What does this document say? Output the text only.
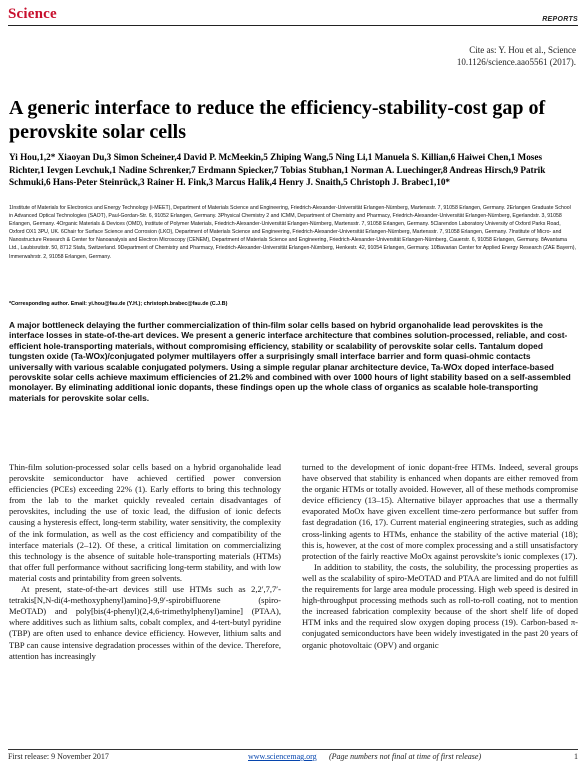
Science	REPORTS
Cite as: Y. Hou et al., Science
10.1126/science.aao5561 (2017).
A generic interface to reduce the efficiency-stability-cost gap of perovskite solar cells
Yi Hou,1,2* Xiaoyan Du,3 Simon Scheiner,4 David P. McMeekin,5 Zhiping Wang,5 Ning Li,1 Manuela S. Killian,6 Haiwei Chen,1 Moses Richter,1 Ievgen Levchuk,1 Nadine Schrenker,7 Erdmann Spiecker,7 Tobias Stubhan,1 Norman A. Luechinger,8 Andreas Hirsch,9 Patrik Schmuki,6 Hans-Peter Steinrück,3 Rainer H. Fink,3 Marcus Halik,4 Henry J. Snaith,5 Christoph J. Brabec1,10*
1Institute of Materials for Electronics and Energy Technology (i-MEET), Department of Materials Science and Engineering, Friedrich-Alexander-Universität Erlangen-Nürnberg, Martensstr. 7, 91058 Erlangen, Germany. 2Erlangen Graduate School in Advanced Optical Technologies (SAOT), Paul-Gordan-Str. 6, 91052 Erlangen, Germany. 3Physical Chemistry 2 and ICMM, Department of Chemistry and Pharmacy, Friedrich-Alexander-Universität Erlangen-Nürnberg, Egerlandstr. 3, 91058 Erlangen, Germany. 4Organic Materials & Devices (OMD), Institute of Polymer Materials, Friedrich-Alexander-Universität Erlangen-Nürnberg, Martensstr. 7, 91058 Erlangen, Germany. 5Clarendon Laboratory University of Oxford Parks Road, Oxford OX1 3PU, UK. 6Chair for Surface Science and Corrosion (LKO), Department of Materials Science and Engineering, Friedrich-Alexander-Universität Erlangen-Nürnberg, Martensstr. 7, 91058 Erlangen, Germany. 7Institute of Micro- and Nanostructure Research & Center for Nanoanalysis and Electron Microscopy (CENEM), Department of Materials Science and Engineering, Friedrich-Alexander-Universität Erlangen-Nürnberg, Cauerstr. 6, 91058 Erlangen, Germany. 8Avantama Ltd., Laubisrutistr. 50, 8712 Stafa, Switzerland. 9Department of Chemistry and Pharmacy, Friedrich-Alexander-Universität Erlangen-Nürnberg, Henkestr. 42, 91054 Erlangen, Germany. 10Bavarian Center for Applied Energy Research (ZAE Bayern), Immerwahrstr. 2, 91058 Erlangen, Germany.
*Corresponding author. Email: yi.hou@fau.de (Y.H.); christoph.brabec@fau.de (C.J.B)
A major bottleneck delaying the further commercialization of thin-film solar cells based on hybrid organohalide lead perovskites is the interface losses in state-of-the-art devices. We present a generic interface architecture that combines solution-processed, reliable, and cost-efficient hole-transporting materials, without compromising efficiency, stability or scalability of perovskite solar cells. Tantalum doped tungsten oxide (Ta-WOx)/conjugated polymer multilayers offer a surprisingly small interface barrier and form quasi-ohmic contacts universally with various scalable conjugated polymers. Using a simple regular planar architecture device, Ta-WOx doped interface-based perovskite solar cells achieve maximum efficiencies of 21.2% and combined with over 1000 hours of light stability based on a self-assembled monolayer. By eliminating additional ionic dopants, these findings open up the whole class of organics as scalable hole-transporting materials for perovskite solar cells.

Thin-film solution-processed solar cells based on a hybrid organohalide lead perovskite semiconductor have achieved certified power conversion efficiencies (PCEs) exceeding 22% (1). Early efforts to bring this technology from the lab to the market quickly revealed certain disadvantages of perovskites, including the use of toxic lead, the diffusion of ionic defects causing a hysteresis effect, long-term stability, water sensitivity, the complexity of the ink formulation, as well as the cost efficiency and compatibility of the interface materials (2–12). Of these, a critical limitation on commercializing this technology is the absence of suitable hole-transporting materials (HTMs) that offer full performance without sacrificing long-term stability, and with low material costs and printability from green solvents.

At present, state-of-the-art devices still use HTMs such as 2,2′,7,7′-tetrakis[N,N-di(4-methoxyphenyl)amino]-9,9′-spirobifluorene (spiro-MeOTAD) and poly[bis(4-phenyl)(2,4,6-trimethylphenyl)amine] (PTAA), where additives such as lithium salts, cobalt complex, and 4-tert-butyl pyridine (TBP) are often used to enhance device efficiency. However, lithium salts and TBP can cause intensive degradation processes within of the device. Therefore, attention has increasingly

turned to the development of ionic dopant-free HTMs. Indeed, several groups have observed that stability is enhanced when dopants are either removed from the organic HTMs or totally avoided. However, all of these methods compromise device efficiency (13–15). Alternative bilayer approaches that use a thermally evaporated MoOx have given excellent time-zero performance but suffer from fast degradation (16, 17). Current material engineering strategies, such as adding cross-linking agents to HTMs, enhance the stability of the active material (18); this is, however, at the cost of more complex processing and a still unsatisfactory protection of the fairly reactive MoOx against perovskite’s ionic complexes (17).

In addition to stability, the costs, the solubility, the processing properties as well as the scalability of spiro-MeOTAD and PTAA are limited and do not fulfill the requirements for large area module processing. High web speed is desired in high-throughput processing methods such as roll-to-roll coating, not to mention the increased fabrication complexity because of the short shelf life of doped HTM inks and the required slow oxygen doping process (19). Carbon-based π-conjugated semiconductors have been widely investigated in the past 20 years of organic photovoltaic (OPV) and organic

First release: 9 November 2017	www.sciencemag.org (Page numbers not final at time of first release)	1
